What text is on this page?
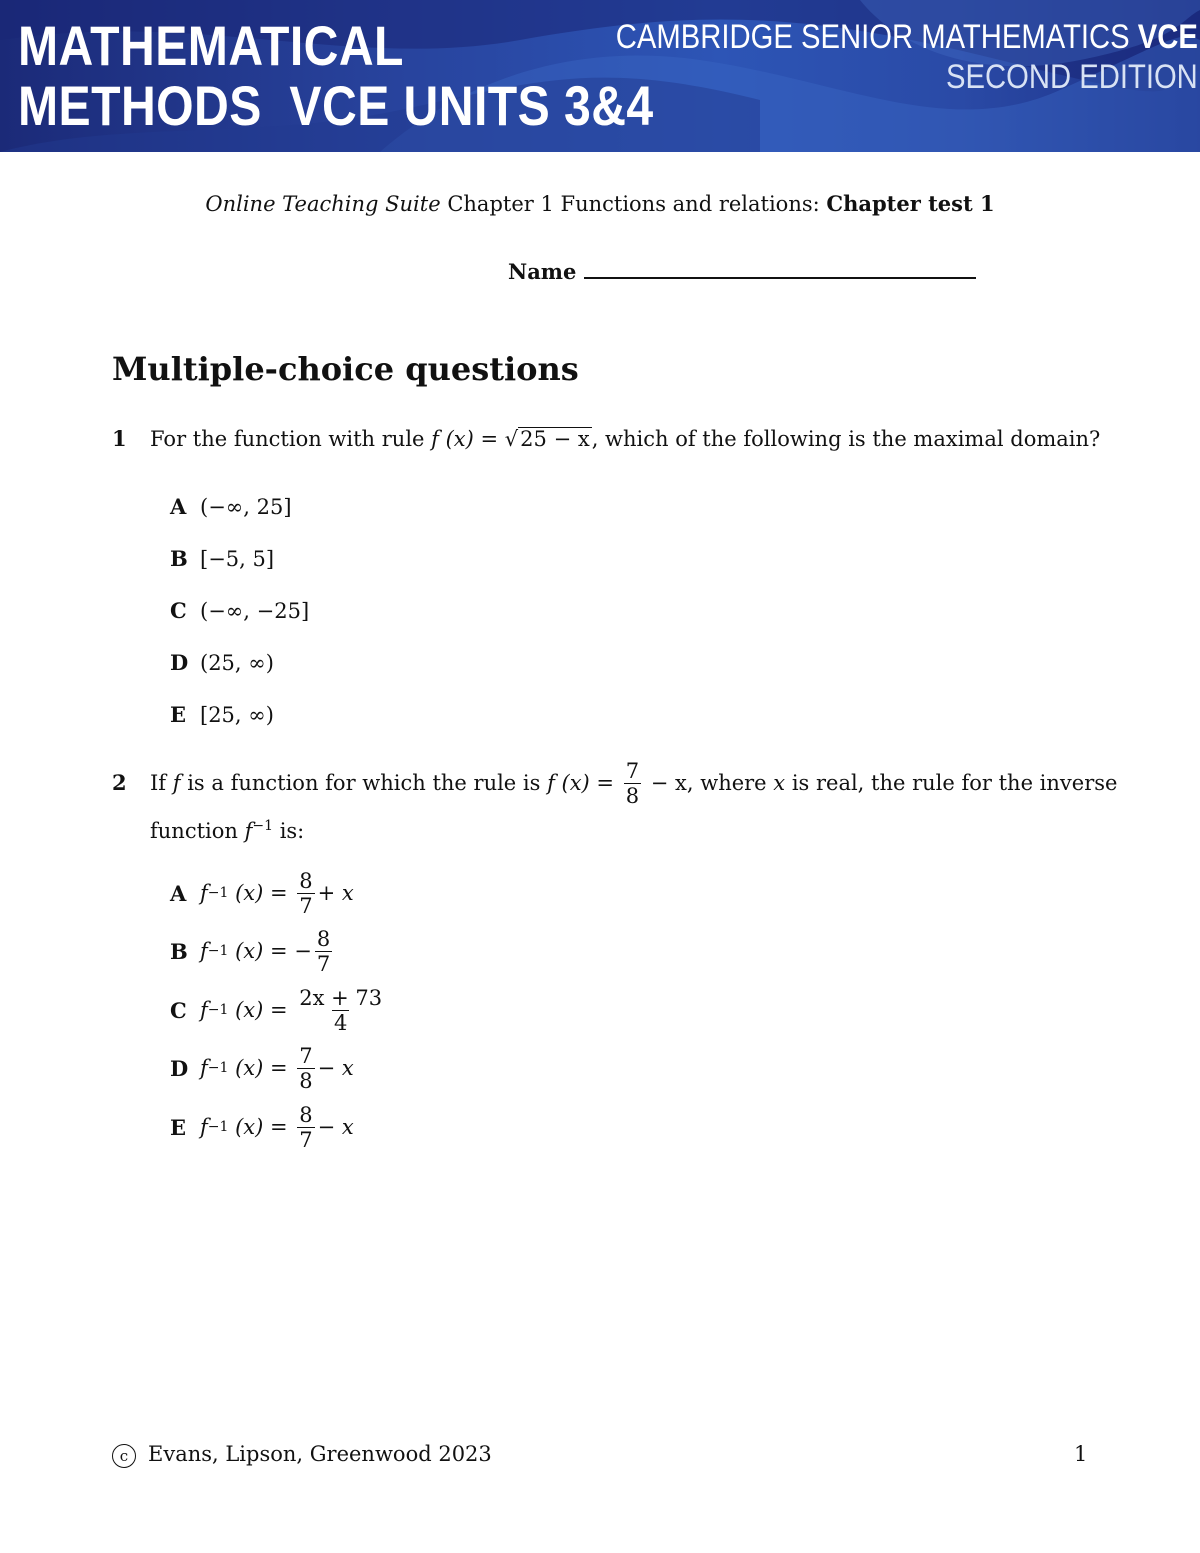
MATHEMATICAL
METHODS  VCE UNITS 3&4
CAMBRIDGE SENIOR MATHEMATICS VCE
SECOND EDITION
Online Teaching Suite Chapter 1 Functions and relations: Chapter test 1
Name
Multiple-choice questions
1 For the function with rule f (x) = √25 − x, which of the following is the maximal domain?
A (−∞, 25]
B [−5, 5]
C (−∞, −25]
D (25, ∞)
E [25, ∞)
2 If f is a function for which the rule is f $(x) = \frac{7}{8} - x$, where x is real, the rule for the inverse
function $f^{-1}$ is:
A f −1 $(x) = \frac{8}{7} + x$
B f −1 (x) = − $\frac{8}{7}$
C f −1 $(x) = \frac{2x + 73}{4}$
D f −1 $(x) = \frac{7}{8} - x$
E f −1 $(x) = \frac{8}{7} - x$
c Evans, Lipson, Greenwood 2023	1
